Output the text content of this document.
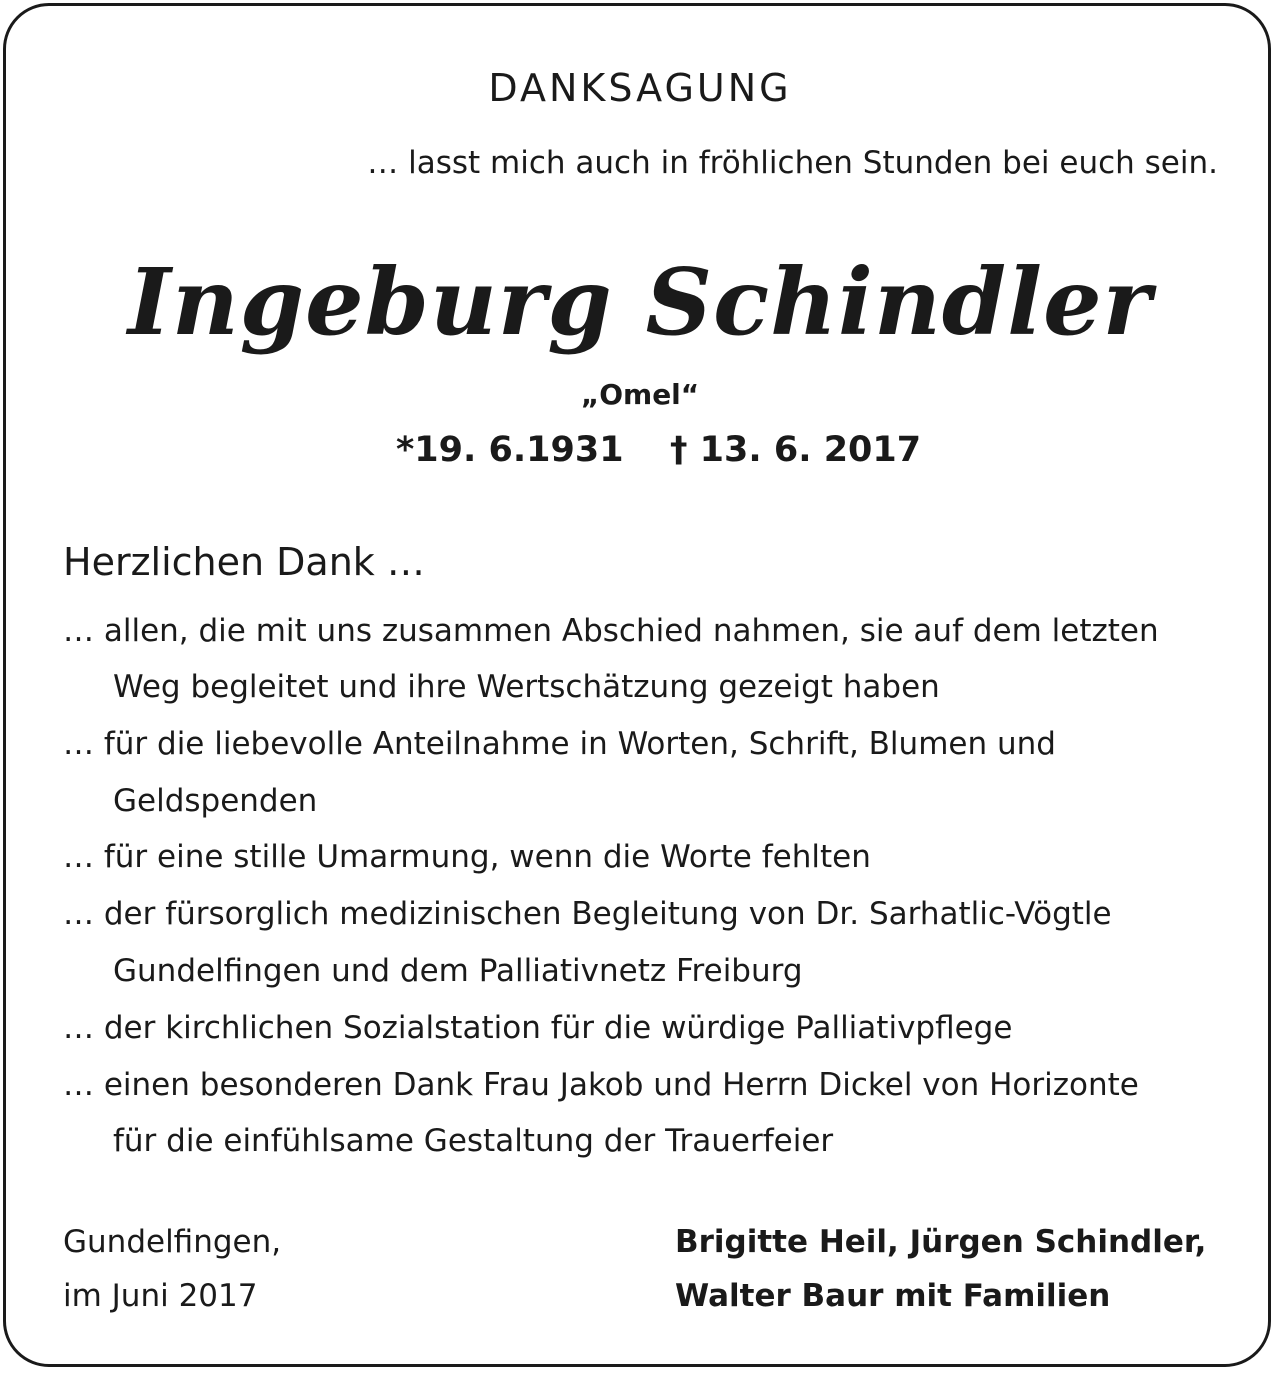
DANKSAGUNG
… lasst mich auch in fröhlichen Stunden bei euch sein.
Ingeburg Schindler
„Omel“
*19. 6.1931 † 13. 6. 2017
Herzlichen Dank …
… allen, die mit uns zusammen Abschied nahmen, sie auf dem letzten
Weg begleitet und ihre Wertschätzung gezeigt haben
… für die liebevolle Anteilnahme in Worten, Schrift, Blumen und
Geldspenden
… für eine stille Umarmung, wenn die Worte fehlten
… der fürsorglich medizinischen Begleitung von Dr. Sarhatlic-Vögtle
Gundelfingen und dem Palliativnetz Freiburg
… der kirchlichen Sozialstation für die würdige Palliativpflege
… einen besonderen Dank Frau Jakob und Herrn Dickel von Horizonte
für die einfühlsame Gestaltung der Trauerfeier
Gundelfingen,
im Juni 2017
Brigitte Heil, Jürgen Schindler,
Walter Baur mit Familien
